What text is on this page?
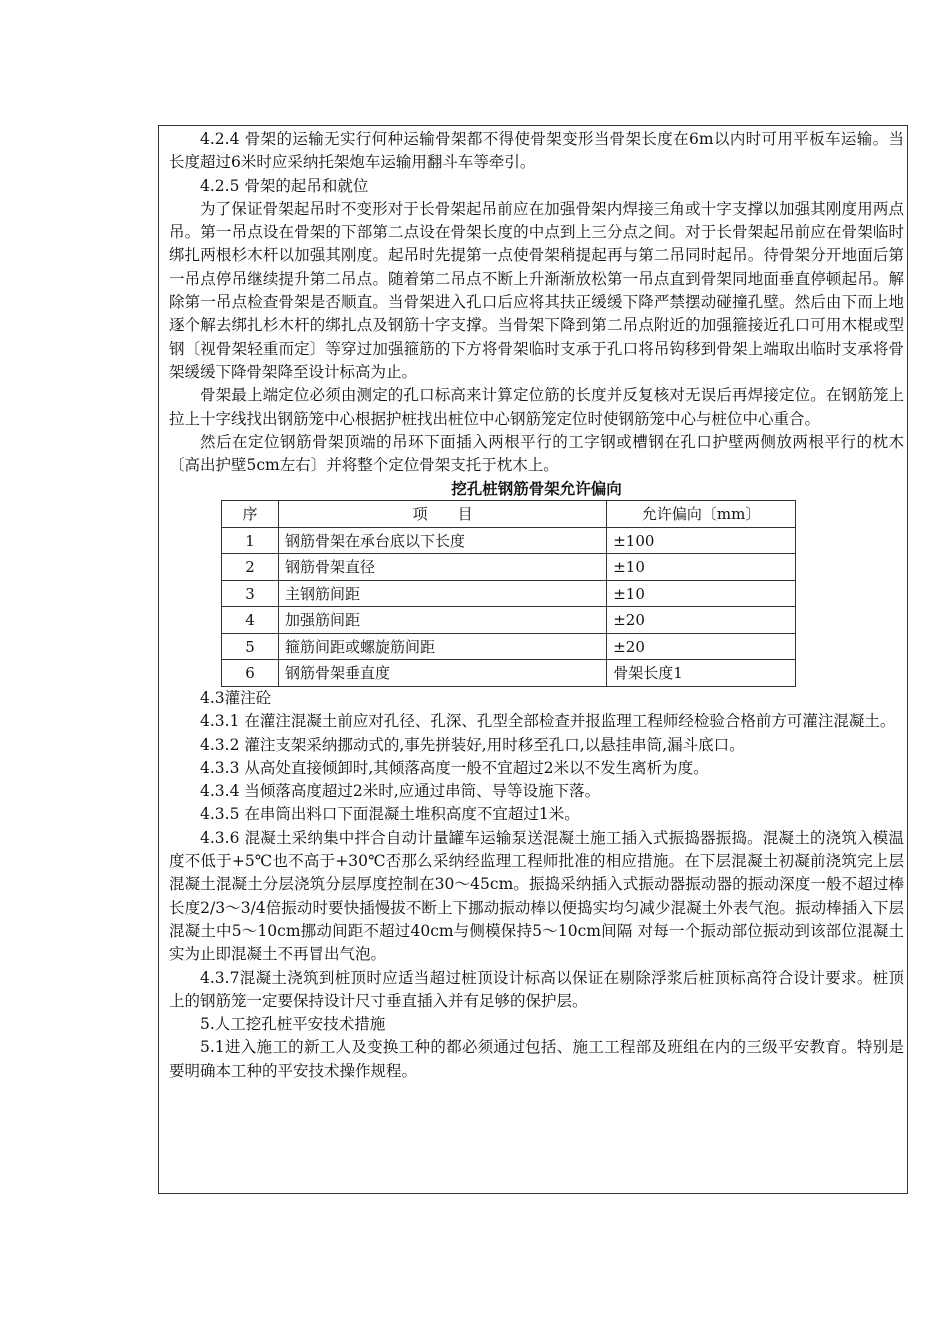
4.2.4 骨架的运输无实行何种运输骨架都不得使骨架变形当骨架长度在6m以内时可用平板车运输。当长度超过6米时应采纳托架炮车运输用翻斗车等牵引。

4.2.5 骨架的起吊和就位

为了保证骨架起吊时不变形对于长骨架起吊前应在加强骨架内焊接三角或十字支撑以加强其刚度用两点吊。第一吊点设在骨架的下部第二点设在骨架长度的中点到上三分点之间。对于长骨架起吊前应在骨架临时绑扎两根杉木杆以加强其刚度。起吊时先提第一点使骨架稍提起再与第二吊同时起吊。待骨架分开地面后第一吊点停吊继续提升第二吊点。随着第二吊点不断上升渐渐放松第一吊点直到骨架同地面垂直停顿起吊。解除第一吊点检查骨架是否顺直。当骨架进入孔口后应将其扶正缓缓下降严禁摆动碰撞孔壁。然后由下而上地逐个解去绑扎杉木杆的绑扎点及钢筋十字支撑。当骨架下降到第二吊点附近的加强箍接近孔口可用木棍或型钢〔视骨架轻重而定〕等穿过加强箍筋的下方将骨架临时支承于孔口将吊钩移到骨架上端取出临时支承将骨架缓缓下降骨架降至设计标高为止。

骨架最上端定位必须由测定的孔口标高来计算定位筋的长度并反复核对无误后再焊接定位。在钢筋笼上拉上十字线找出钢筋笼中心根据护桩找出桩位中心钢筋笼定位时使钢筋笼中心与桩位中心重合。

然后在定位钢筋骨架顶端的吊环下面插入两根平行的工字钢或槽钢在孔口护壁两侧放两根平行的枕木〔高出护壁5cm左右〕并将整个定位骨架支托于枕木上。

挖孔桩钢筋骨架允许偏向

序	项　　目	允许偏向〔mm〕
1	钢筋骨架在承台底以下长度	±100
2	钢筋骨架直径	±10
3	主钢筋间距	±10
4	加强筋间距	±20
5	箍筋间距或螺旋筋间距	±20
6	钢筋骨架垂直度	骨架长度1

4.3灌注砼

4.3.1 在灌注混凝土前应对孔径、孔深、孔型全部检查并报监理工程师经检验合格前方可灌注混凝土。

4.3.2 灌注支架采纳挪动式的,事先拼装好,用时移至孔口,以悬挂串筒,漏斗底口。

4.3.3 从高处直接倾卸时,其倾落高度一般不宜超过2米以不发生离析为度。

4.3.4 当倾落高度超过2米时,应通过串筒、导等设施下落。

4.3.5 在串筒出料口下面混凝土堆积高度不宜超过1米。

4.3.6 混凝土采纳集中拌合自动计量罐车运输泵送混凝土施工插入式振捣器振捣。混凝土的浇筑入模温度不低于+5℃也不高于+30℃否那么采纳经监理工程师批准的相应措施。在下层混凝土初凝前浇筑完上层混凝土混凝土分层浇筑分层厚度控制在30～45cm。振捣采纳插入式振动器振动器的振动深度一般不超过棒长度2/3～3/4倍振动时要快插慢拔不断上下挪动振动棒以便捣实均匀减少混凝土外表气泡。振动棒插入下层混凝土中5～10cm挪动间距不超过40cm与侧模保持5～10cm间隔 对每一个振动部位振动到该部位混凝土实为止即混凝土不再冒出气泡。

4.3.7混凝土浇筑到桩顶时应适当超过桩顶设计标高以保证在剔除浮浆后桩顶标高符合设计要求。桩顶上的钢筋笼一定要保持设计尺寸垂直插入并有足够的保护层。

5.人工挖孔桩平安技术措施

5.1进入施工的新工人及变换工种的都必须通过包括、施工工程部及班组在内的三级平安教育。特别是要明确本工种的平安技术操作规程。
